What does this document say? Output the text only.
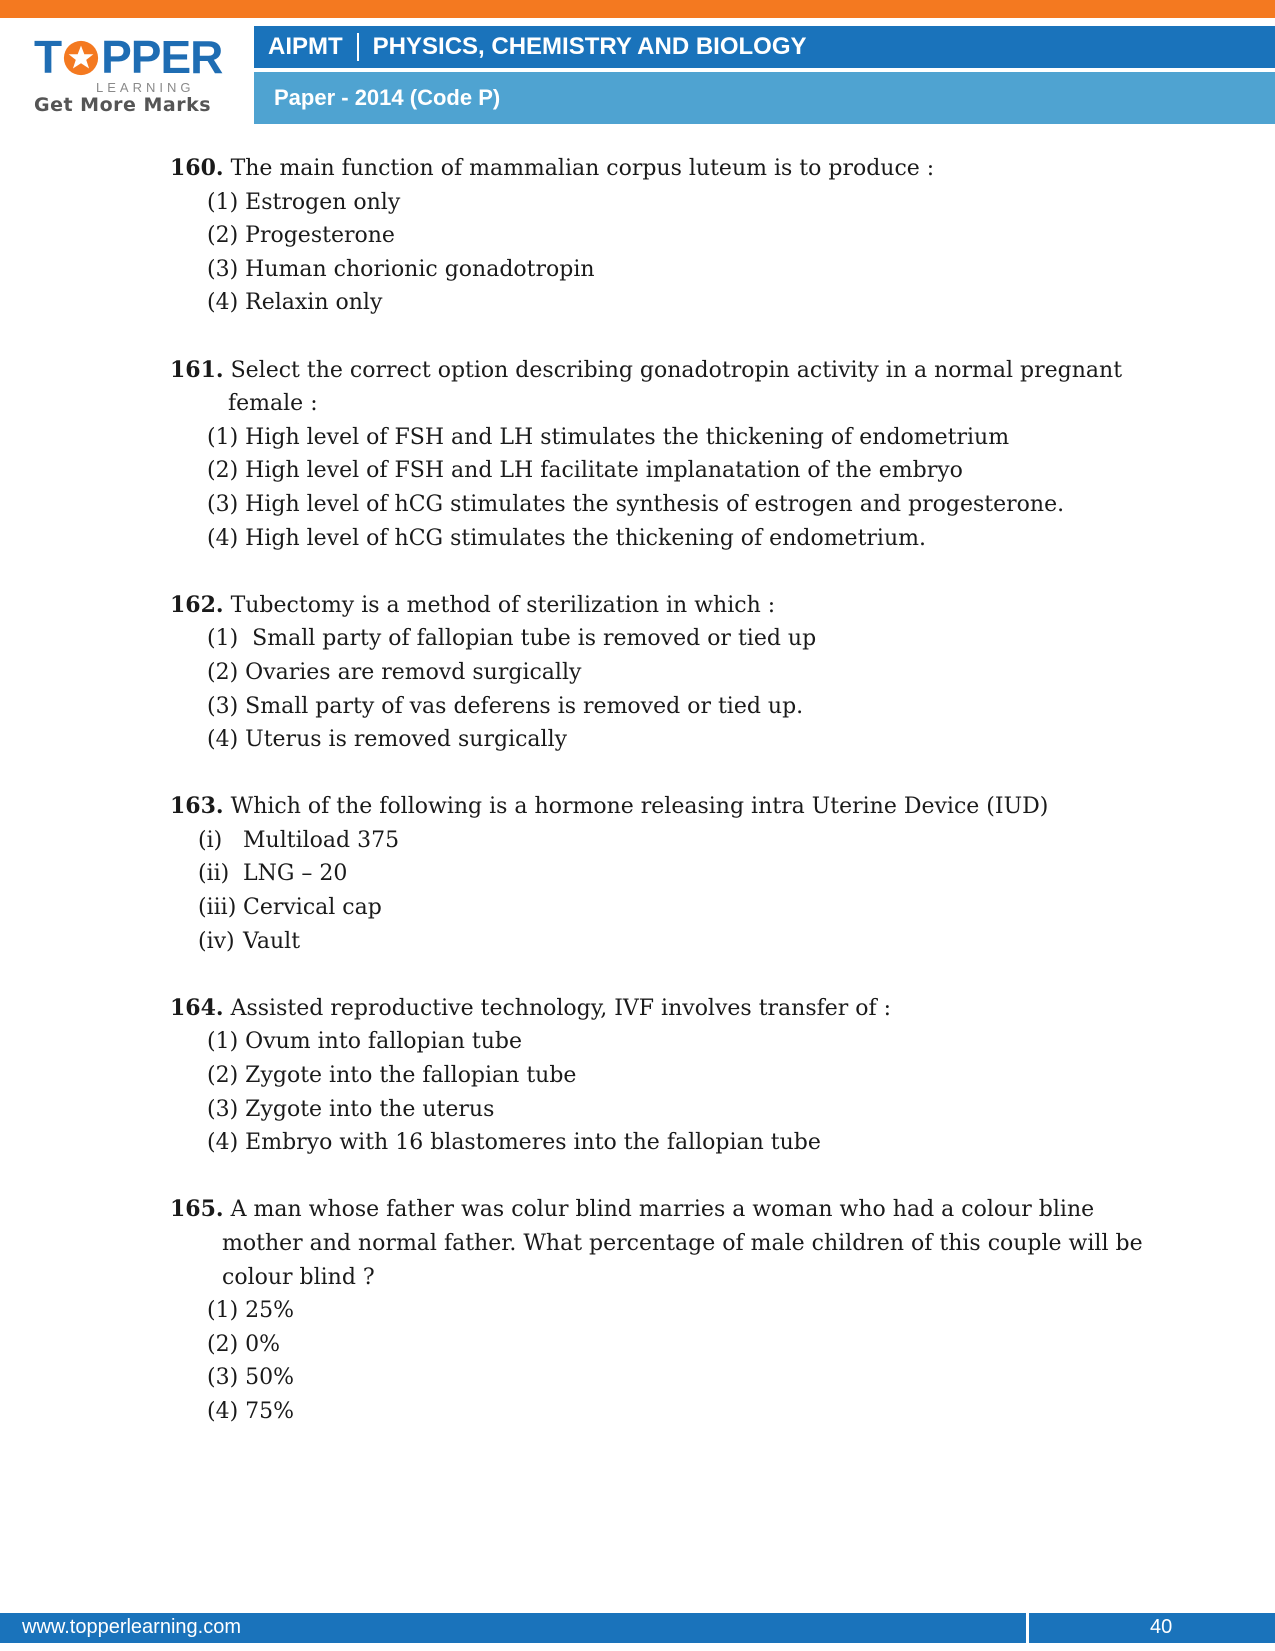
T PPER
LEARNING
Get More Marks
AIPMT PHYSICS, CHEMISTRY AND BIOLOGY
Paper - 2014 (Code P)
160. The main function of mammalian corpus luteum is to produce :
(1) Estrogen only
(2) Progesterone
(3) Human chorionic gonadotropin
(4) Relaxin only
161. Select the correct option describing gonadotropin activity in a normal pregnant
female :
(1) High level of FSH and LH stimulates the thickening of endometrium
(2) High level of FSH and LH facilitate implanatation of the embryo
(3) High level of hCG stimulates the synthesis of estrogen and progesterone.
(4) High level of hCG stimulates the thickening of endometrium.
162. Tubectomy is a method of sterilization in which :
(1)  Small party of fallopian tube is removed or tied up
(2) Ovaries are removd surgically
(3) Small party of vas deferens is removed or tied up.
(4) Uterus is removed surgically
163. Which of the following is a hormone releasing intra Uterine Device (IUD)
(i) Multiload 375
(ii) LNG – 20
(iii) Cervical cap
(iv) Vault
164. Assisted reproductive technology, IVF involves transfer of :
(1) Ovum into fallopian tube
(2) Zygote into the fallopian tube
(3) Zygote into the uterus
(4) Embryo with 16 blastomeres into the fallopian tube
165. A man whose father was colur blind marries a woman who had a colour bline
mother and normal father. What percentage of male children of this couple will be
colour blind ?
(1) 25%
(2) 0%
(3) 50%
(4) 75%
www.topperlearning.com	40
